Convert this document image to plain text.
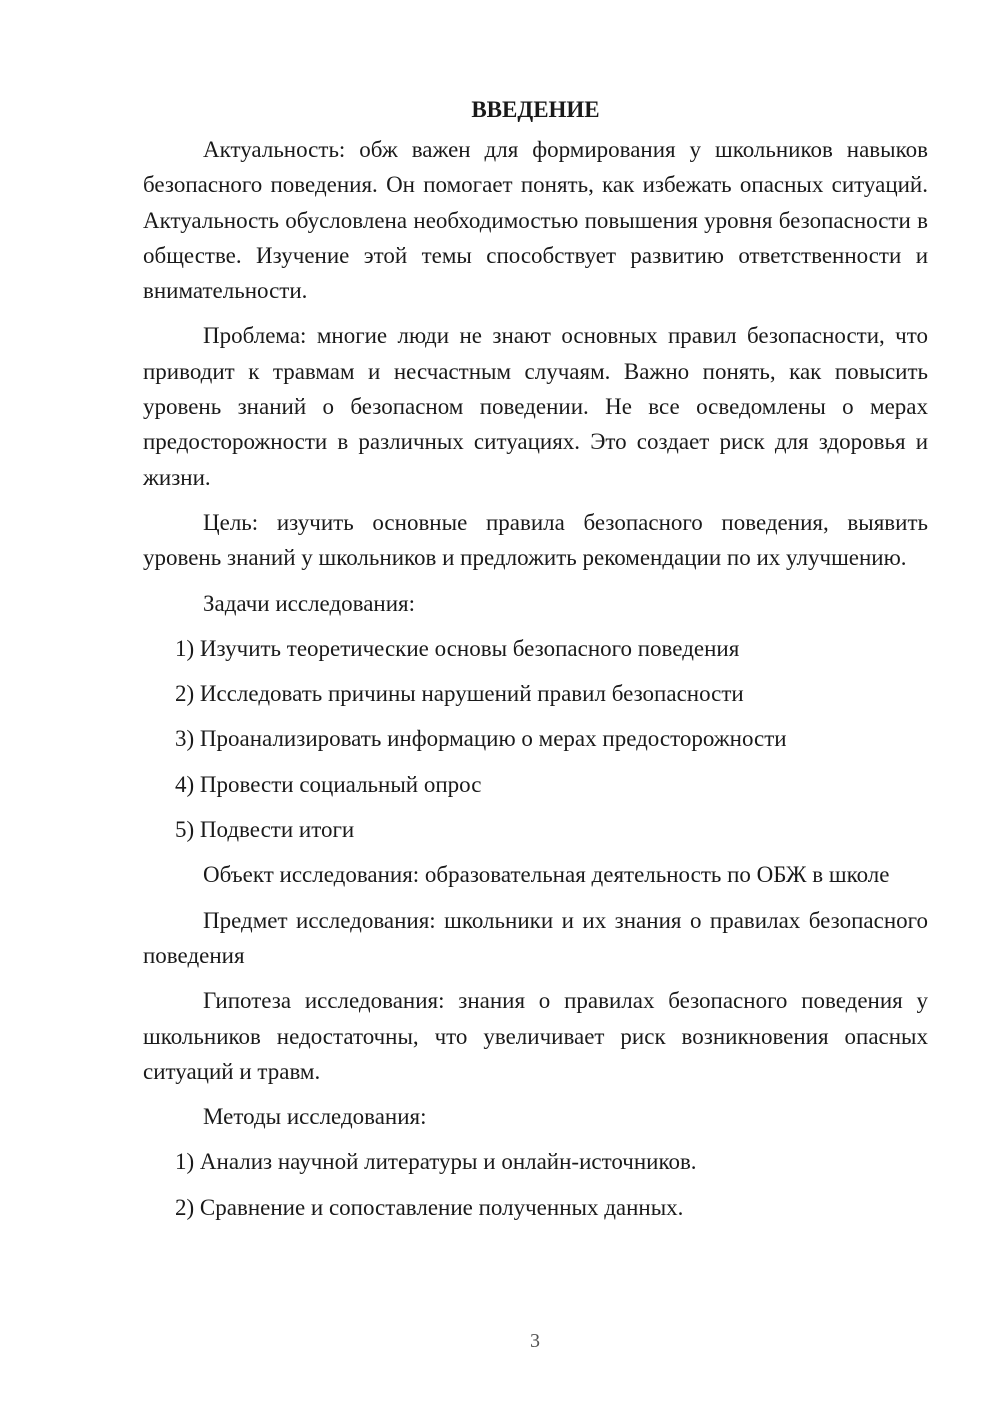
ВВЕДЕНИЕ

Актуальность: обж важен для формирования у школьников навыков безопасного поведения. Он помогает понять, как избежать опасных ситуаций. Актуальность обусловлена необходимостью повышения уровня безопасности в обществе. Изучение этой темы способствует развитию ответственности и внимательности.

Проблема: многие люди не знают основных правил безопасности, что приводит к травмам и несчастным случаям. Важно понять, как повысить уровень знаний о безопасном поведении. Не все осведомлены о мерах предосторожности в различных ситуациях. Это создает риск для здоровья и жизни.

Цель: изучить основные правила безопасного поведения, выявить уровень знаний у школьников и предложить рекомендации по их улучшению.

Задачи исследования:

1) Изучить теоретические основы безопасного поведения
2) Исследовать причины нарушений правил безопасности
3) Проанализировать информацию о мерах предосторожности
4) Провести социальный опрос
5) Подвести итоги

Объект исследования: образовательная деятельность по ОБЖ в школе

Предмет исследования: школьники и их знания о правилах безопасного поведения

Гипотеза исследования: знания о правилах безопасного поведения у школьников недостаточны, что увеличивает риск возникновения опасных ситуаций и травм.

Методы исследования:

1) Анализ научной литературы и онлайн-источников.
2) Сравнение и сопоставление полученных данных.
3
